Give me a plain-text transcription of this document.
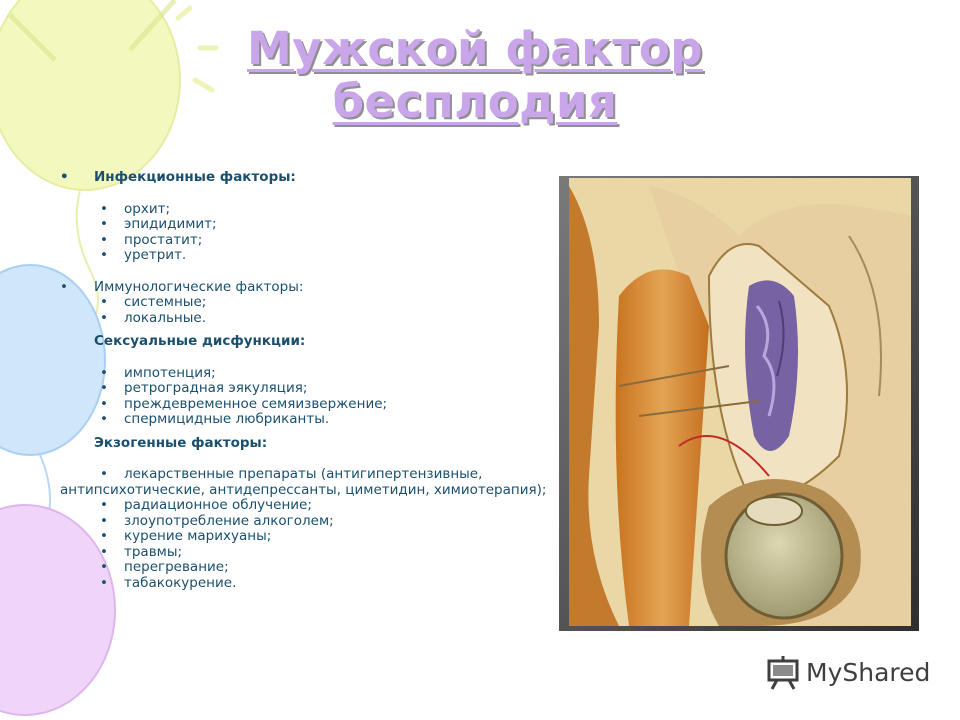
Мужской фактор
бесплодия
• Инфекционные факторы:
• орхит;
• эпидидимит;
• простатит;
• уретрит.
• Иммунологические факторы:
• системные;
• локальные.
Сексуальные дисфункции:
• импотенция;
• ретроградная эякуляция;
• преждевременное семяизвержение;
• спермицидные любриканты.
Экзогенные факторы:
• лекарственные препараты (антигипертензивные, антипсихотические, антидепрессанты, циметидин, химиотерапия);
• радиационное облучение;
• злоупотребление алкоголем;
• курение марихуаны;
• травмы;
• перегревание;
• табакокурение.
MyShared
